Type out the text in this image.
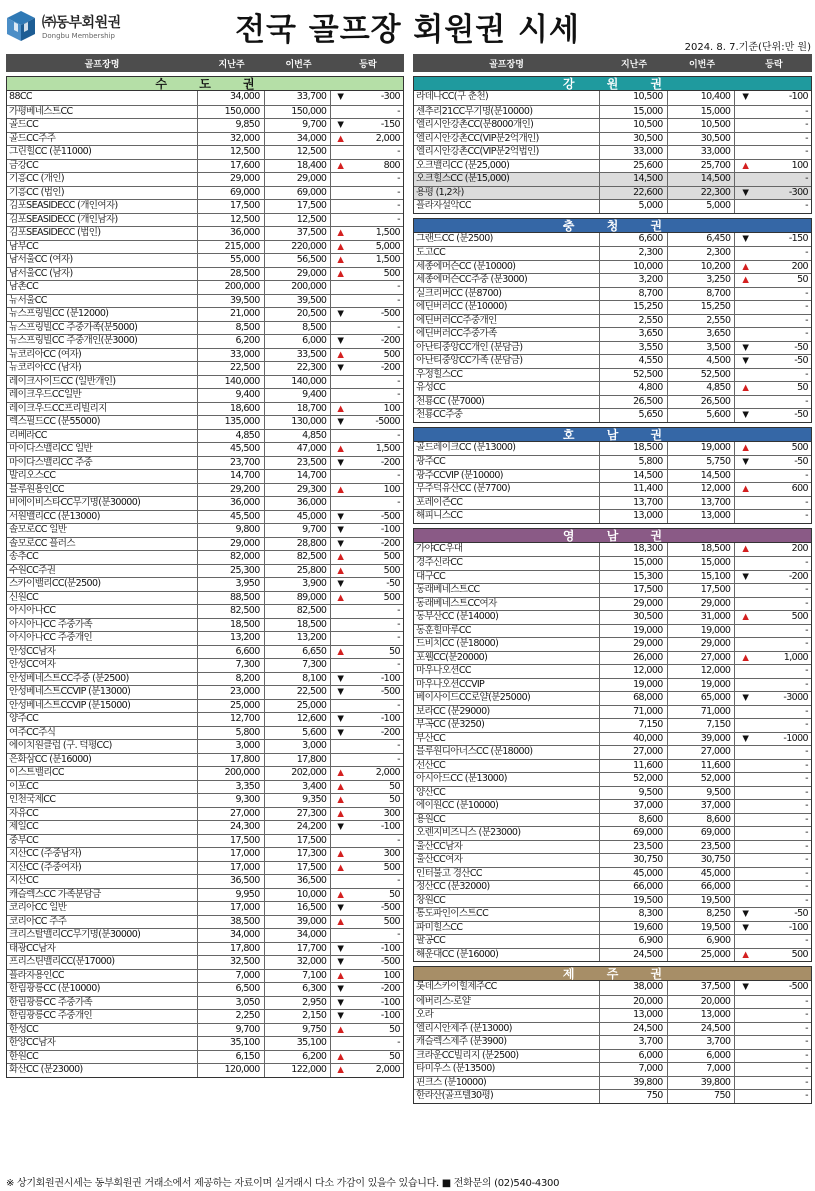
㈜동부회원권
Dongbu Membership	전국 골프장 회원권 시세	2024. 8. 7.기준(단위:만 원)
골프장명	지난주	이번주	등락
수 도 권
88CC	34,000	33,700	▼	-300
가평베네스트CC	150,000	150,000	-
골드CC	9,850	9,700	▼	-150
골드CC주주	32,000	34,000	▲	2,000
그린힐CC (분11000)	12,500	12,500	-
금강CC	17,600	18,400	▲	800
기흥CC (개인)	29,000	29,000	-
기흥CC (법인)	69,000	69,000	-
김포SEASIDECC (개인여자)	17,500	17,500	-
김포SEASIDECC (개인남자)	12,500	12,500	-
김포SEASIDECC (법인)	36,000	37,500	▲	1,500
남부CC	215,000	220,000	▲	5,000
남서울CC (여자)	55,000	56,500	▲	1,500
남서울CC (남자)	28,500	29,000	▲	500
남촌CC	200,000	200,000	-
뉴서울CC	39,500	39,500	-
뉴스프링빌CC (분12000)	21,000	20,500	▼	-500
뉴스프링빌CC 주중가족(분5000)	8,500	8,500	-
뉴스프링빌CC 주중개인(분3000)	6,200	6,000	▼	-200
뉴코리아CC (여자)	33,000	33,500	▲	500
뉴코리아CC (남자)	22,500	22,300	▼	-200
레이크사이드CC (일반개인)	140,000	140,000	-
레이크우드CC일반	9,400	9,400	-
레이크우드CC프리빌리지	18,600	18,700	▲	100
렉스필드CC (분55000)	135,000	130,000	▼	-5000
리베라CC	4,850	4,850	-
마이다스밸리CC 일반	45,500	47,000	▲	1,500
마이다스밸리CC 주중	23,700	23,500	▼	-200
발리오스CC	14,700	14,700	-
블루원용인CC	29,200	29,300	▲	100
비에이비스타CC무기명(분30000)	36,000	36,000	-
서원밸리CC (분13000)	45,500	45,000	▼	-500
솔모로CC 일반	9,800	9,700	▼	-100
솔모로CC 플러스	29,000	28,800	▼	-200
송추CC	82,000	82,500	▲	500
수원CC주권	25,300	25,800	▲	500
스카이밸리CC(분2500)	3,950	3,900	▼	-50
신원CC	88,500	89,000	▲	500
아시아나CC	82,500	82,500	-
아시아나CC 주중가족	18,500	18,500	-
아시아나CC 주중개인	13,200	13,200	-
안성CC남자	6,600	6,650	▲	50
안성CC여자	7,300	7,300	-
안성베네스트CC주중 (분2500)	8,200	8,100	▼	-100
안성베네스트CCVIP (분13000)	23,000	22,500	▼	-500
안성베네스트CCVIP (분15000)	25,000	25,000	-
양주CC	12,700	12,600	▼	-100
여주CC주식	5,800	5,600	▼	-200
에이치원클럽 (구. 덕평CC)	3,000	3,000	-
은화삼CC (분16000)	17,800	17,800	-
이스트밸리CC	200,000	202,000	▲	2,000
이포CC	3,350	3,400	▲	50
인천국제CC	9,300	9,350	▲	50
자유CC	27,000	27,300	▲	300
제일CC	24,300	24,200	▼	-100
중부CC	17,500	17,500	-
지산CC (주중남자)	17,000	17,300	▲	300
지산CC (주중여자)	17,000	17,500	▲	500
지산CC	36,500	36,500	-
캐슬렉스CC 가족분담금	9,950	10,000	▲	50
코리아CC 일반	17,000	16,500	▼	-500
코리아CC 주주	38,500	39,000	▲	500
크리스탈밸리CC무기명(분30000)	34,000	34,000	-
태광CC남자	17,800	17,700	▼	-100
프리스틴밸리CC(분17000)	32,500	32,000	▼	-500
플라자용인CC	7,000	7,100	▲	100
한림광릉CC (분10000)	6,500	6,300	▼	-200
한림광릉CC 주중가족	3,050	2,950	▼	-100
한림광릉CC 주중개인	2,250	2,150	▼	-100
한성CC	9,700	9,750	▲	50
한양CC남자	35,100	35,100	-
한원CC	6,150	6,200	▲	50
화산CC (분23000)	120,000	122,000	▲	2,000
골프장명	지난주	이번주	등락
강 원 권
라데나CC(구 춘천)	10,500	10,400	▼	-100
센추리21CC무기명(분10000)	15,000	15,000	-
엘리시안강촌CC(분8000개인)	10,500	10,500	-
엘리시안강촌CC(VIP분2억개인)	30,500	30,500	-
엘리시안강촌CC(VIP분2억법인)	33,000	33,000	-
오크밸리CC (분25,000)	25,600	25,700	▲	100
오크힐스CC (분15,000)	14,500	14,500	-
용평 (1,2차)	22,600	22,300	▼	-300
플라자설악CC	5,000	5,000	-
충 청 권
그랜드CC (분2500)	6,600	6,450	▼	-150
도고CC	2,300	2,300	-
세종에머슨CC (분10000)	10,000	10,200	▲	200
세종에머슨CC주중 (분3000)	3,200	3,250	▲	50
실크리버CC (분8700)	8,700	8,700	-
에딘버러CC (분10000)	15,250	15,250	-
에딘버러CC주중개인	2,550	2,550	-
에딘버러CC주중가족	3,650	3,650	-
아난티중앙CC개인 (분담금)	3,550	3,500	▼	-50
아난티중앙CC가족 (분담금)	4,550	4,500	▼	-50
우정힐스CC	52,500	52,500	-
유성CC	4,800	4,850	▲	50
천룡CC (분7000)	26,500	26,500	-
천룡CC주중	5,650	5,600	▼	-50
호 남 권
골드레이크CC (분13000)	18,500	19,000	▲	500
광주CC	5,800	5,750	▼	-50
광주CCVIP (분10000)	14,500	14,500	-
무주덕유산CC (분7700)	11,400	12,000	▲	600
포레이즌CC	13,700	13,700	-
해피니스CC	13,000	13,000	-
영 남 권
가야CC우대	18,300	18,500	▲	200
경주신라CC	15,000	15,000	-
대구CC	15,300	15,100	▼	-200
동래베네스트CC	17,500	17,500	-
동래베네스트CC여자	29,000	29,000	-
동부산CC (분14000)	30,500	31,000	▲	500
동훈힐마루CC	19,000	19,000	-
드비치CC (분18000)	29,000	29,000	-
포웰CC(분20000)	26,000	27,000	▲	1,000
마우나오션CC	12,000	12,000	-
마우나오션CCVIP	19,000	19,000	-
베이사이드CC로얄(분25000)	68,000	65,000	▼	-3000
보라CC (분29000)	71,000	71,000	-
부곡CC (분3250)	7,150	7,150	-
부산CC	40,000	39,000	▼	-1000
블루원디아너스CC (분18000)	27,000	27,000	-
선산CC	11,600	11,600	-
아시아드CC (분13000)	52,000	52,000	-
양산CC	9,500	9,500	-
에이원CC (분10000)	37,000	37,000	-
용원CC	8,600	8,600	-
오렌지비즈니스 (분23000)	69,000	69,000	-
울산CC남자	23,500	23,500	-
울산CC여자	30,750	30,750	-
인터불고 경산CC	45,000	45,000	-
정산CC (분32000)	66,000	66,000	-
창원CC	19,500	19,500	-
통도파인이스트CC	8,300	8,250	▼	-50
파미힐스CC	19,600	19,500	▼	-100
팔공CC	6,900	6,900	-
해운대CC (분16000)	24,500	25,000	▲	500
제 주 권
롯데스카이힐제주CC	38,000	37,500	▼	-500
에버리스-로얄	20,000	20,000	-
오라	13,000	13,000	-
엘리시안제주 (분13000)	24,500	24,500	-
캐슬렉스제주 (분3900)	3,700	3,700	-
크라운CC빌리지 (분2500)	6,000	6,000	-
타미우스 (분13500)	7,000	7,000	-
핀크스 (분10000)	39,800	39,800	-
한라산(골프텔30평)	750	750	-
※ 상기회원권시세는 동부회원권 거래소에서 제공하는 자료이며 실거래시 다소 가감이 있을수 있습니다. ■ 전화문의 (02)540-4300
